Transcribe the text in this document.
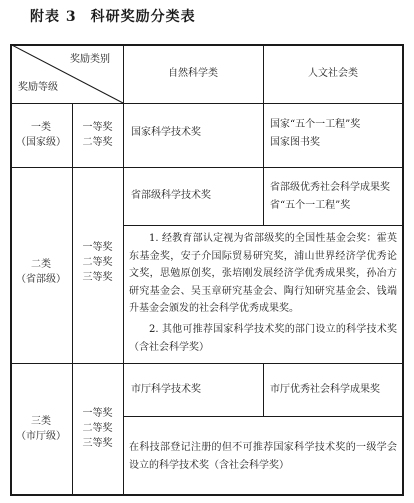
附表 3 科研奖励分类表
奖励类别
奖励等级
自然科学类	人文社会类
一类
（国家级）
一等奖
二等奖
国家科学技术奖
国家“五个一工程”奖
国家图书奖
二类
（省部级）
一等奖
二等奖
三等奖
省部级科学技术奖
省部级优秀社会科学成果奖
省“五个一工程”奖
1. 经教育部认定视为省部级奖的全国性基金会奖：霍英东基金奖，安子介国际贸易研究奖，浦山世界经济学优秀论文奖，思勉原创奖，张培刚发展经济学优秀成果奖，孙冶方研究基金会、吴玉章研究基金会、陶行知研究基金会、钱端升基金会颁发的社会科学优秀成果奖。
2. 其他可推荐国家科学技术奖的部门设立的科学技术奖（含社会科学奖）
三类
（市厅级）
一等奖
二等奖
三等奖
市厅科学技术奖	市厅优秀社会科学成果奖
在科技部登记注册的但不可推荐国家科学技术奖的一级学会设立的科学技术奖（含社会科学奖）
